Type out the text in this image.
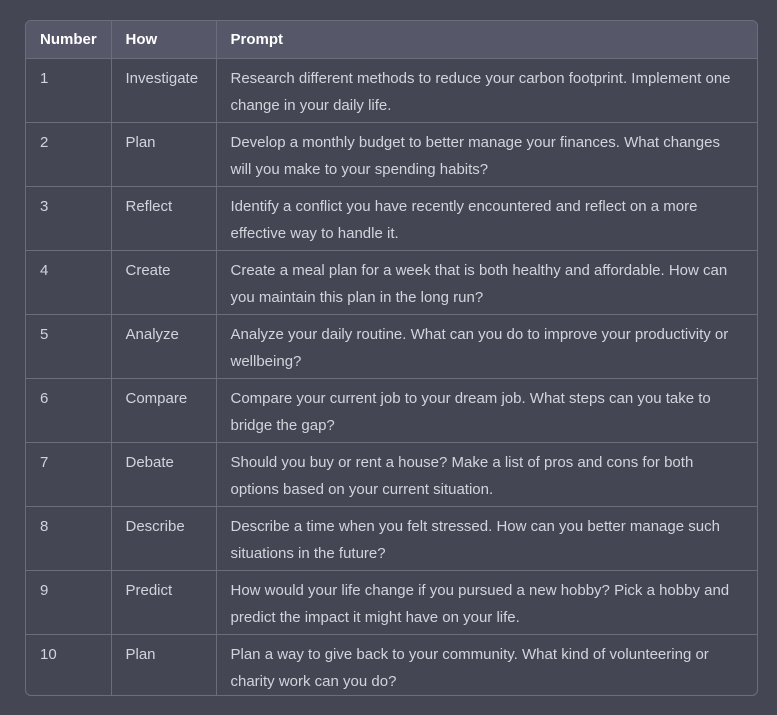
Number	How	Prompt
1	Investigate	Research different methods to reduce your carbon footprint. Implement one change in your daily life.
2	Plan	Develop a monthly budget to better manage your finances. What changes will you make to your spending habits?
3	Reflect	Identify a conflict you have recently encountered and reflect on a more effective way to handle it.
4	Create	Create a meal plan for a week that is both healthy and affordable. How can you maintain this plan in the long run?
5	Analyze	Analyze your daily routine. What can you do to improve your productivity or wellbeing?
6	Compare	Compare your current job to your dream job. What steps can you take to bridge the gap?
7	Debate	Should you buy or rent a house? Make a list of pros and cons for both options based on your current situation.
8	Describe	Describe a time when you felt stressed. How can you better manage such situations in the future?
9	Predict	How would your life change if you pursued a new hobby? Pick a hobby and predict the impact it might have on your life.
10	Plan	Plan a way to give back to your community. What kind of volunteering or charity work can you do?
